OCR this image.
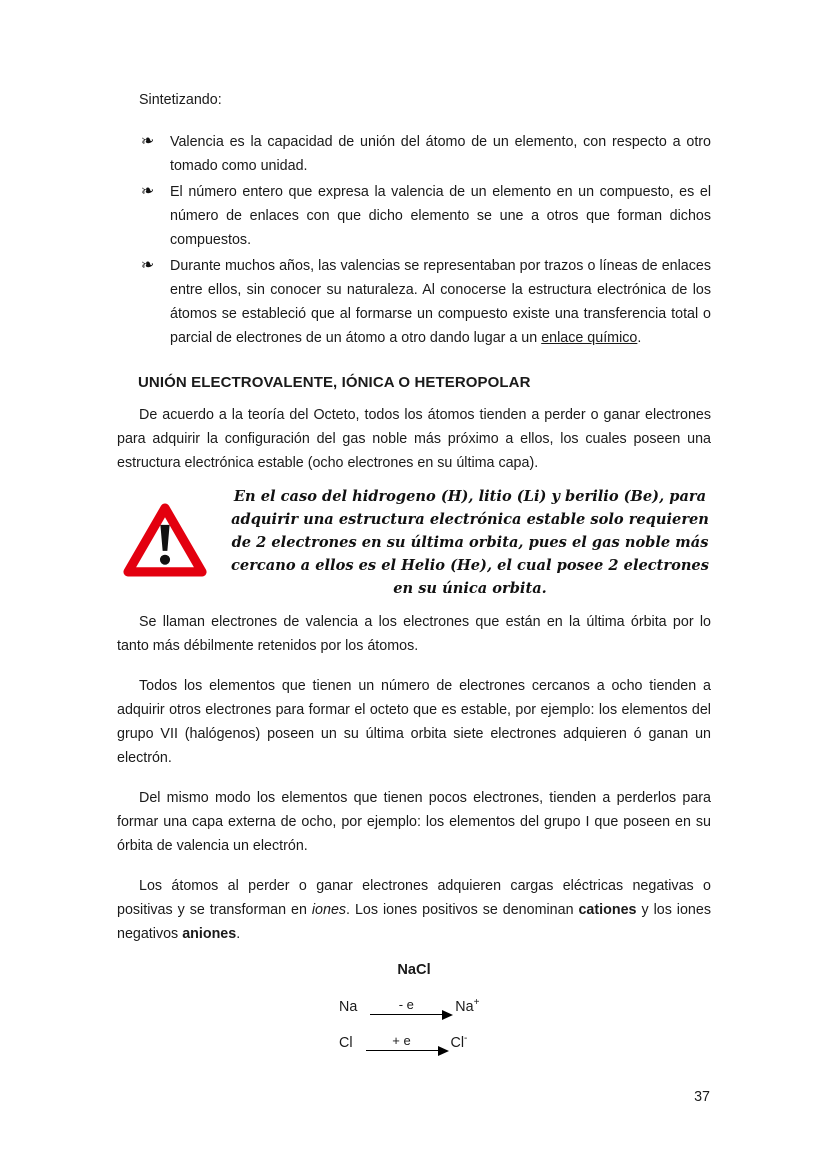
Sintetizando:

❧ Valencia es la capacidad de unión del átomo de un elemento, con respecto a otro tomado como unidad.
❧ El número entero que expresa la valencia de un elemento en un compuesto, es el número de enlaces con que dicho elemento se une a otros que forman dichos compuestos.
❧ Durante muchos años, las valencias se representaban por trazos o líneas de enlaces entre ellos, sin conocer su naturaleza. Al conocerse la estructura electrónica de los átomos se estableció que al formarse un compuesto existe una transferencia total o parcial de electrones de un átomo a otro dando lugar a un enlace químico.
UNIÓN ELECTROVALENTE, IÓNICA O HETEROPOLAR

De acuerdo a la teoría del Octeto, todos los átomos tienden a perder o ganar electrones para adquirir la configuración del gas noble más próximo a ellos, los cuales poseen una estructura electrónica estable (ocho electrones en su última capa).

En el caso del hidrogeno (H), litio (Li) y berilio (Be), para adquirir una estructura electrónica estable solo requieren de 2 electrones en su última orbita, pues el gas noble más cercano a ellos es el Helio (He), el cual posee 2 electrones en su única orbita.

Se llaman electrones de valencia a los electrones que están en la última órbita por lo tanto más débilmente retenidos por los átomos.

Todos los elementos que tienen un número de electrones cercanos a ocho tienden a adquirir otros electrones para formar el octeto que es estable, por ejemplo: los elementos del grupo VII (halógenos) poseen un su última orbita siete electrones adquieren ó ganan un electrón.

Del mismo modo los elementos que tienen pocos electrones, tienden a perderlos para formar una capa externa de ocho, por ejemplo: los elementos del grupo I que poseen en su órbita de valencia un electrón.

Los átomos al perder o ganar electrones adquieren cargas eléctricas negativas o positivas y se transforman en iones. Los iones positivos se denominan cationes y los iones negativos aniones.

NaCl
Na	- e	Na+
Cl	+ e	Cl-
37
